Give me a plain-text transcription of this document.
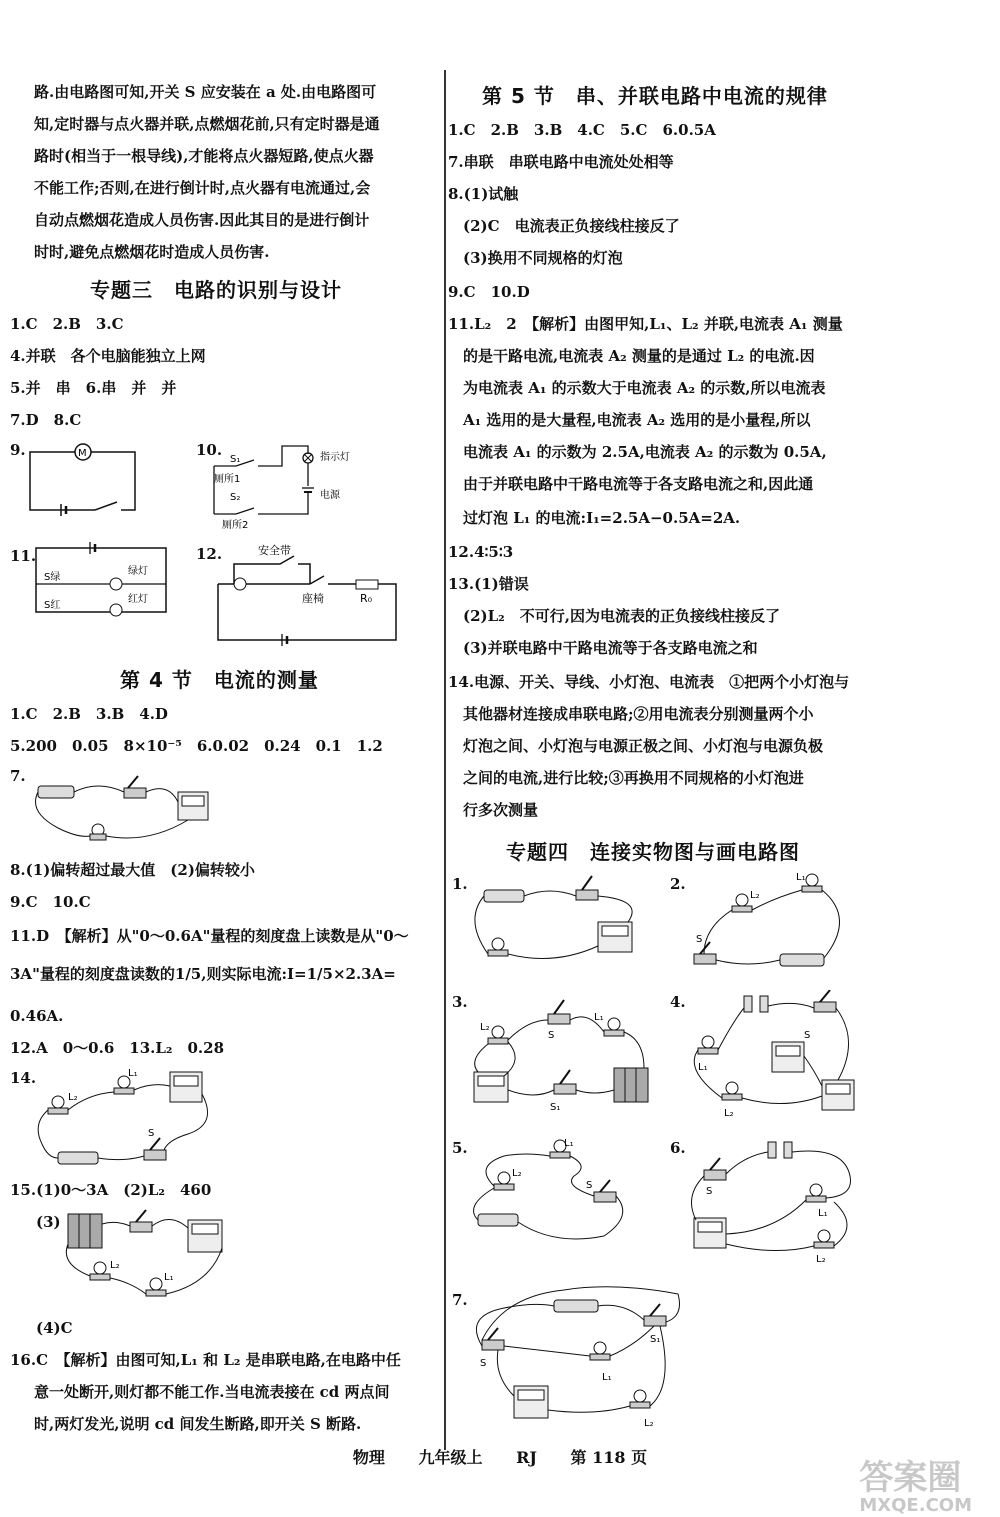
路.由电路图可知,开关 S 应安装在 a 处.由电路图可
知,定时器与点火器并联,点燃烟花前,只有定时器是通
路时(相当于一根导线),才能将点火器短路,使点火器
不能工作;否则,在进行倒计时,点火器有电流通过,会
自动点燃烟花造成人员伤害.因此其目的是进行倒计
时时,避免点燃烟花时造成人员伤害.
专题三　电路的识别与设计
1.C　2.B　3.C
4.并联　各个电脑能独立上网
5.并　串　6.串　并　并
7.D　8.C
9.	M	10.
S₁
厕所1
S₂
厕所2
指示灯
电源
11.
S绿
S红
绿灯
红灯
12.	安全带
座椅	R₀
第 4 节　电流的测量
1.C　2.B　3.B　4.D
5.200　0.05　8×10⁻⁵　6.0.02　0.24　0.1　1.2
7.
8.(1)偏转超过最大值　(2)偏转较小
9.C　10.C
11.D　【解析】从"0～0.6A"量程的刻度盘上读数是从"0～
3A"量程的刻度盘读数的1/5,则实际电流:I=1/5×2.3A=
0.46A.
12.A　0～0.6　13.L₂　0.28
14.	L₁
L₂
S
15.(1)0～3A　(2)L₂　460
(3)
L₂
L₁
(4)C
16.C　【解析】由图可知,L₁ 和 L₂ 是串联电路,在电路中任
意一处断开,则灯都不能工作.当电流表接在 cd 两点间
时,两灯发光,说明 cd 间发生断路,即开关 S 断路.
第 5 节　串、并联电路中电流的规律
1.C　2.B　3.B　4.C　5.C　6.0.5A
7.串联　串联电路中电流处处相等
8.(1)试触
　(2)C　电流表正负接线柱接反了
　(3)换用不同规格的灯泡
9.C　10.D
11.L₂　2　【解析】由图甲知,L₁、L₂ 并联,电流表 A₁ 测量
　的是干路电流,电流表 A₂ 测量的是通过 L₂ 的电流.因
　为电流表 A₁ 的示数大于电流表 A₂ 的示数,所以电流表
　A₁ 选用的是大量程,电流表 A₂ 选用的是小量程,所以
　电流表 A₁ 的示数为 2.5A,电流表 A₂ 的示数为 0.5A,
　由于并联电路中干路电流等于各支路电流之和,因此通
　过灯泡 L₁ 的电流:I₁=2.5A−0.5A=2A.
12.4∶5∶3
13.(1)错误
　(2)L₂　不可行,因为电流表的正负接线柱接反了
　(3)并联电路中干路电流等于各支路电流之和
14.电源、开关、导线、小灯泡、电流表　①把两个小灯泡与
　其他器材连接成串联电路;②用电流表分别测量两个小
　灯泡之间、小灯泡与电源正极之间、小灯泡与电源负极
　之间的电流,进行比较;③再换用不同规格的小灯泡进
　行多次测量
专题四　连接实物图与画电路图
1.	2.
3.	4.
5.	6.
7.
L₁
L₂
S
L₂
S
L₁
S₁
S
L₁
L₂
L₁
L₂
S
S
L₁
L₂
S
S₁
L₁
L₂
物理 九年级上 RJ 第 118 页
答案圈
MXQE.COM
